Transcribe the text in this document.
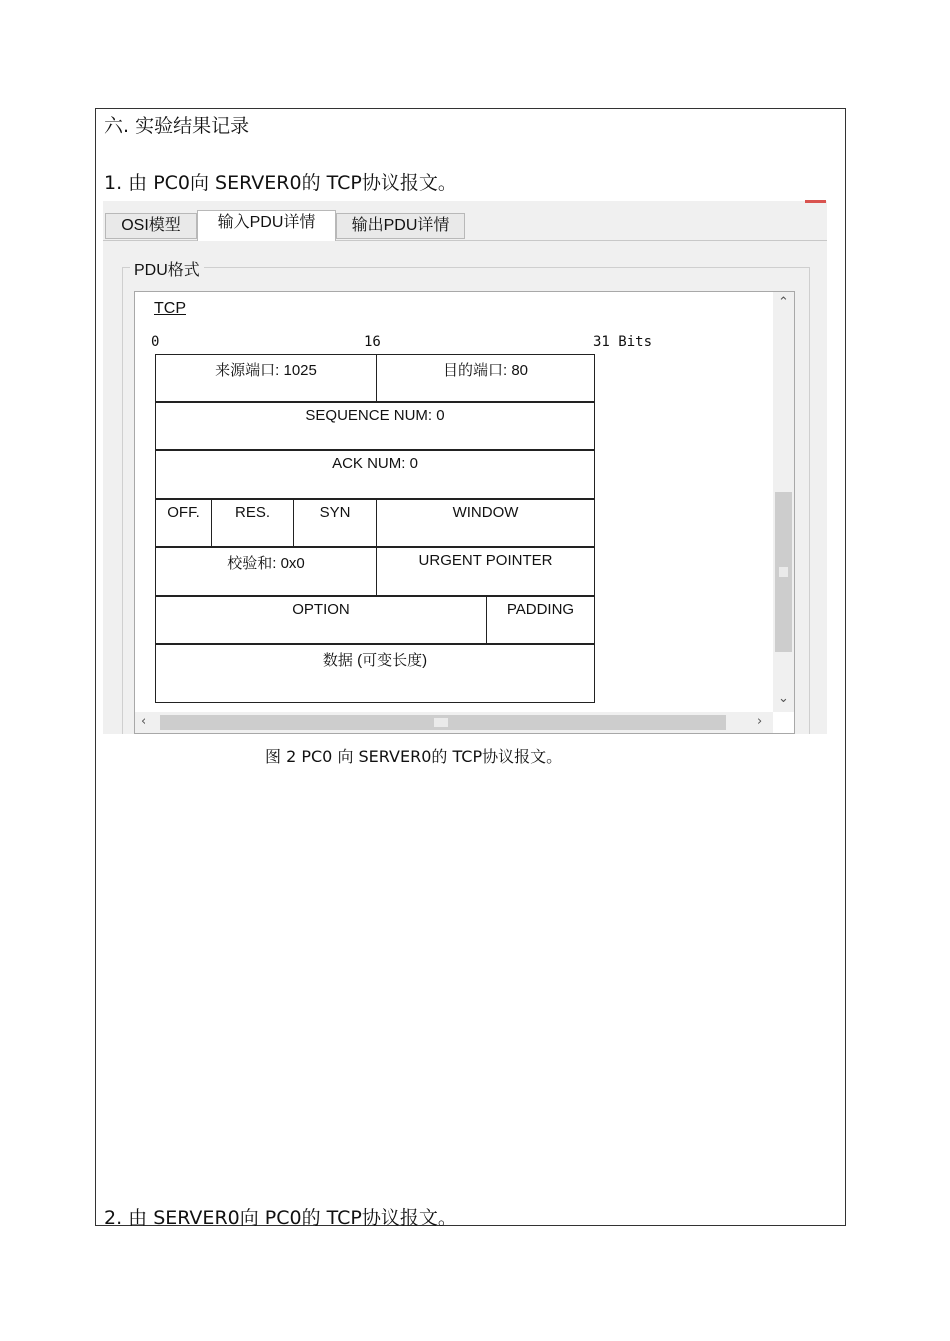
六. 实验结果记录
1. 由 PC0向 SERVER0的 TCP协议报文。
OSI模型	输入PDU详情	输出PDU详情
PDU格式
TCP
0	16	31 Bits
来源端口: 1025	目的端口: 80
SEQUENCE NUM: 0
ACK NUM: 0
OFF.	RES.	SYN	WINDOW
校验和: 0x0	URGENT POINTER
OPTION	PADDING
数据 (可变长度)
⌃
⌄
‹	›
图 2 PC0 向 SERVER0的 TCP协议报文。
2. 由 SERVER0向 PC0的 TCP协议报文。
